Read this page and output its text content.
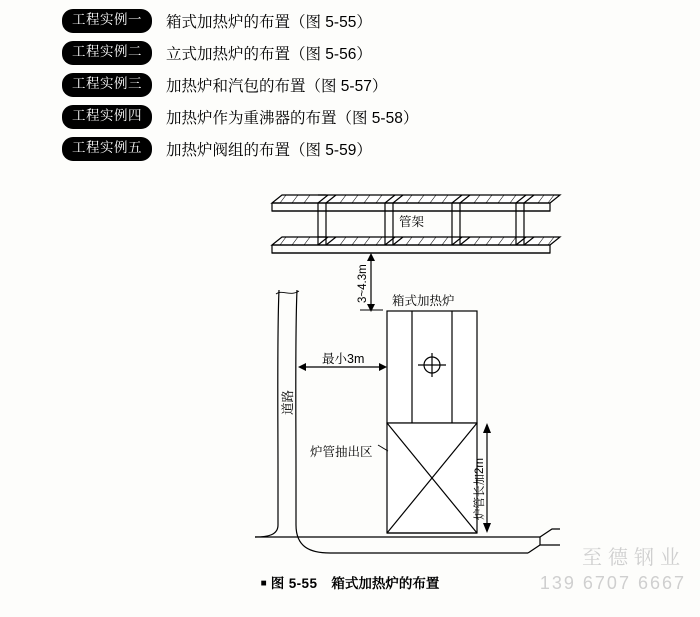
工程实例一	箱式加热炉的布置（图 5-55）
工程实例二	立式加热炉的布置（图 5-56）
工程实例三	加热炉和汽包的布置（图 5-57）
工程实例四	加热炉作为重沸器的布置（图 5-58）
工程实例五	加热炉阀组的布置（图 5-59）
管架
3~4.3m 箱式加热炉
最小3m
炉管抽出区
炉管长加2m
道路
■ 图 5-55 箱式加热炉的布置
至德钢业
139 6707 6667
